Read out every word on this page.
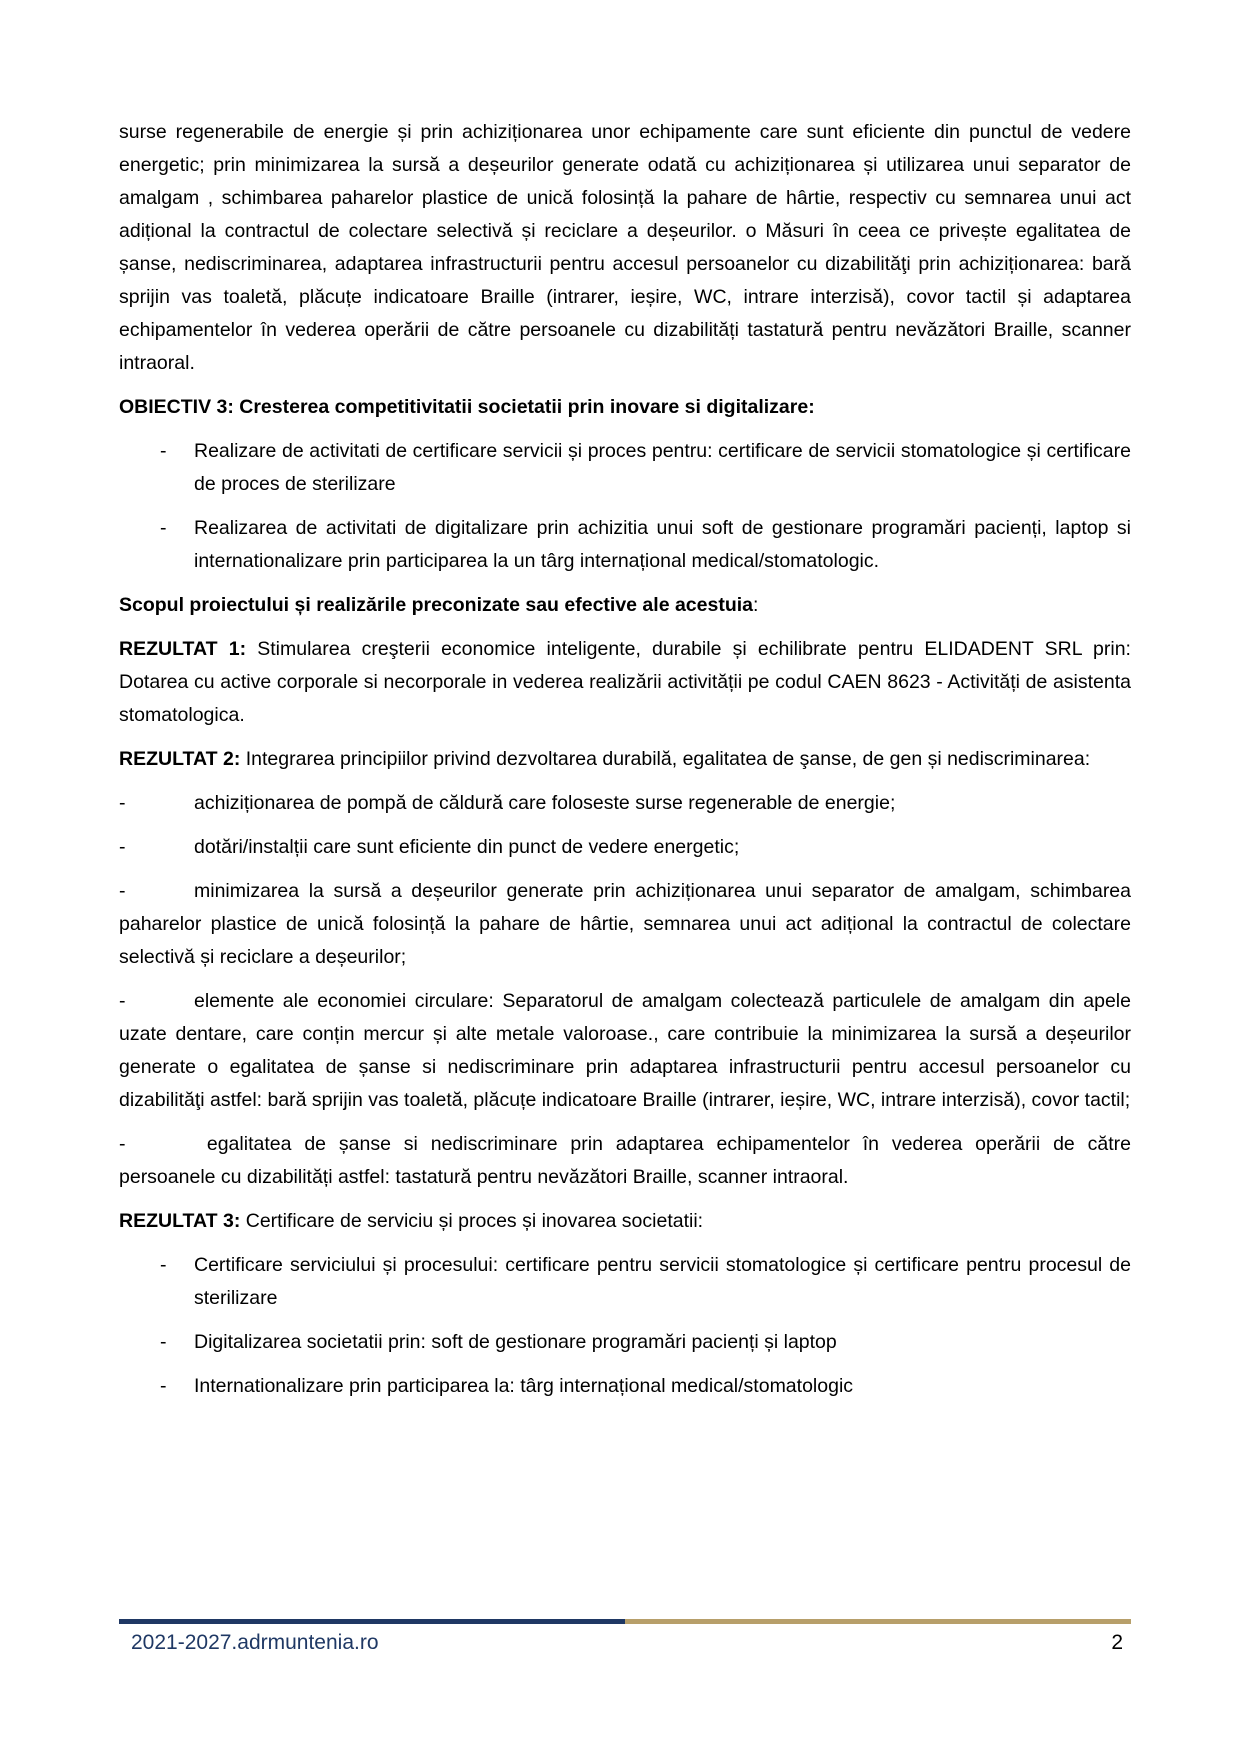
surse regenerabile de energie și prin achiziționarea unor echipamente care sunt eficiente din punctul de vedere energetic; prin minimizarea la sursă a deșeurilor generate odată cu achiziționarea și utilizarea unui separator de amalgam , schimbarea paharelor plastice de unică folosință la pahare de hârtie, respectiv cu semnarea unui act adițional la contractul de colectare selectivă și reciclare a deșeurilor. o Măsuri în ceea ce privește egalitatea de șanse, nediscriminarea, adaptarea infrastructurii pentru accesul persoanelor cu dizabilităţi prin achiziționarea: bară sprijin vas toaletă, plăcuțe indicatoare Braille (intrarer, ieșire, WC, intrare interzisă), covor tactil și adaptarea echipamentelor în vederea operării de către persoanele cu dizabilități tastatură pentru nevăzători Braille, scanner intraoral.

OBIECTIV 3: Cresterea competitivitatii societatii prin inovare si digitalizare:

-	Realizare de activitati de certificare servicii și proces pentru: certificare de servicii stomatologice și certificare de proces de sterilizare
-	Realizarea de activitati de digitalizare prin achizitia unui soft de gestionare programări pacienți, laptop si internationalizare prin participarea la un târg internațional medical/stomatologic.

Scopul proiectului și realizările preconizate sau efective ale acestuia:

REZULTAT 1: Stimularea creşterii economice inteligente, durabile și echilibrate pentru ELIDADENT SRL prin: Dotarea cu active corporale si necorporale in vederea realizării activității pe codul CAEN 8623 - Activități de asistenta stomatologica.

REZULTAT 2: Integrarea principiilor privind dezvoltarea durabilă, egalitatea de şanse, de gen și nediscriminarea:

-	achiziționarea de pompă de căldură care foloseste surse regenerable de energie;

-	dotări/instalții care sunt eficiente din punct de vedere energetic;

-	minimizarea la sursă a deșeurilor generate prin achiziționarea unui separator de amalgam, schimbarea paharelor plastice de unică folosință la pahare de hârtie, semnarea unui act adițional la contractul de colectare selectivă și reciclare a deșeurilor;

-	elemente ale economiei circulare: Separatorul de amalgam colectează particulele de amalgam din apele uzate dentare, care conțin mercur și alte metale valoroase., care contribuie la minimizarea la sursă a deșeurilor generate o egalitatea de șanse si nediscriminare prin adaptarea infrastructurii pentru accesul persoanelor cu dizabilităţi astfel: bară sprijin vas toaletă, plăcuțe indicatoare Braille (intrarer, ieșire, WC, intrare interzisă), covor tactil;

-	egalitatea de șanse si nediscriminare prin adaptarea echipamentelor în vederea operării de către persoanele cu dizabilități astfel: tastatură pentru nevăzători Braille, scanner intraoral.

REZULTAT 3: Certificare de serviciu și proces și inovarea societatii:

-	Certificare serviciului și procesului: certificare pentru servicii stomatologice și certificare pentru procesul de sterilizare
-	Digitalizarea societatii prin: soft de gestionare programări pacienți și laptop
-	Internationalizare prin participarea la: târg internațional medical/stomatologic
2021-2027.adrmuntenia.ro	2
